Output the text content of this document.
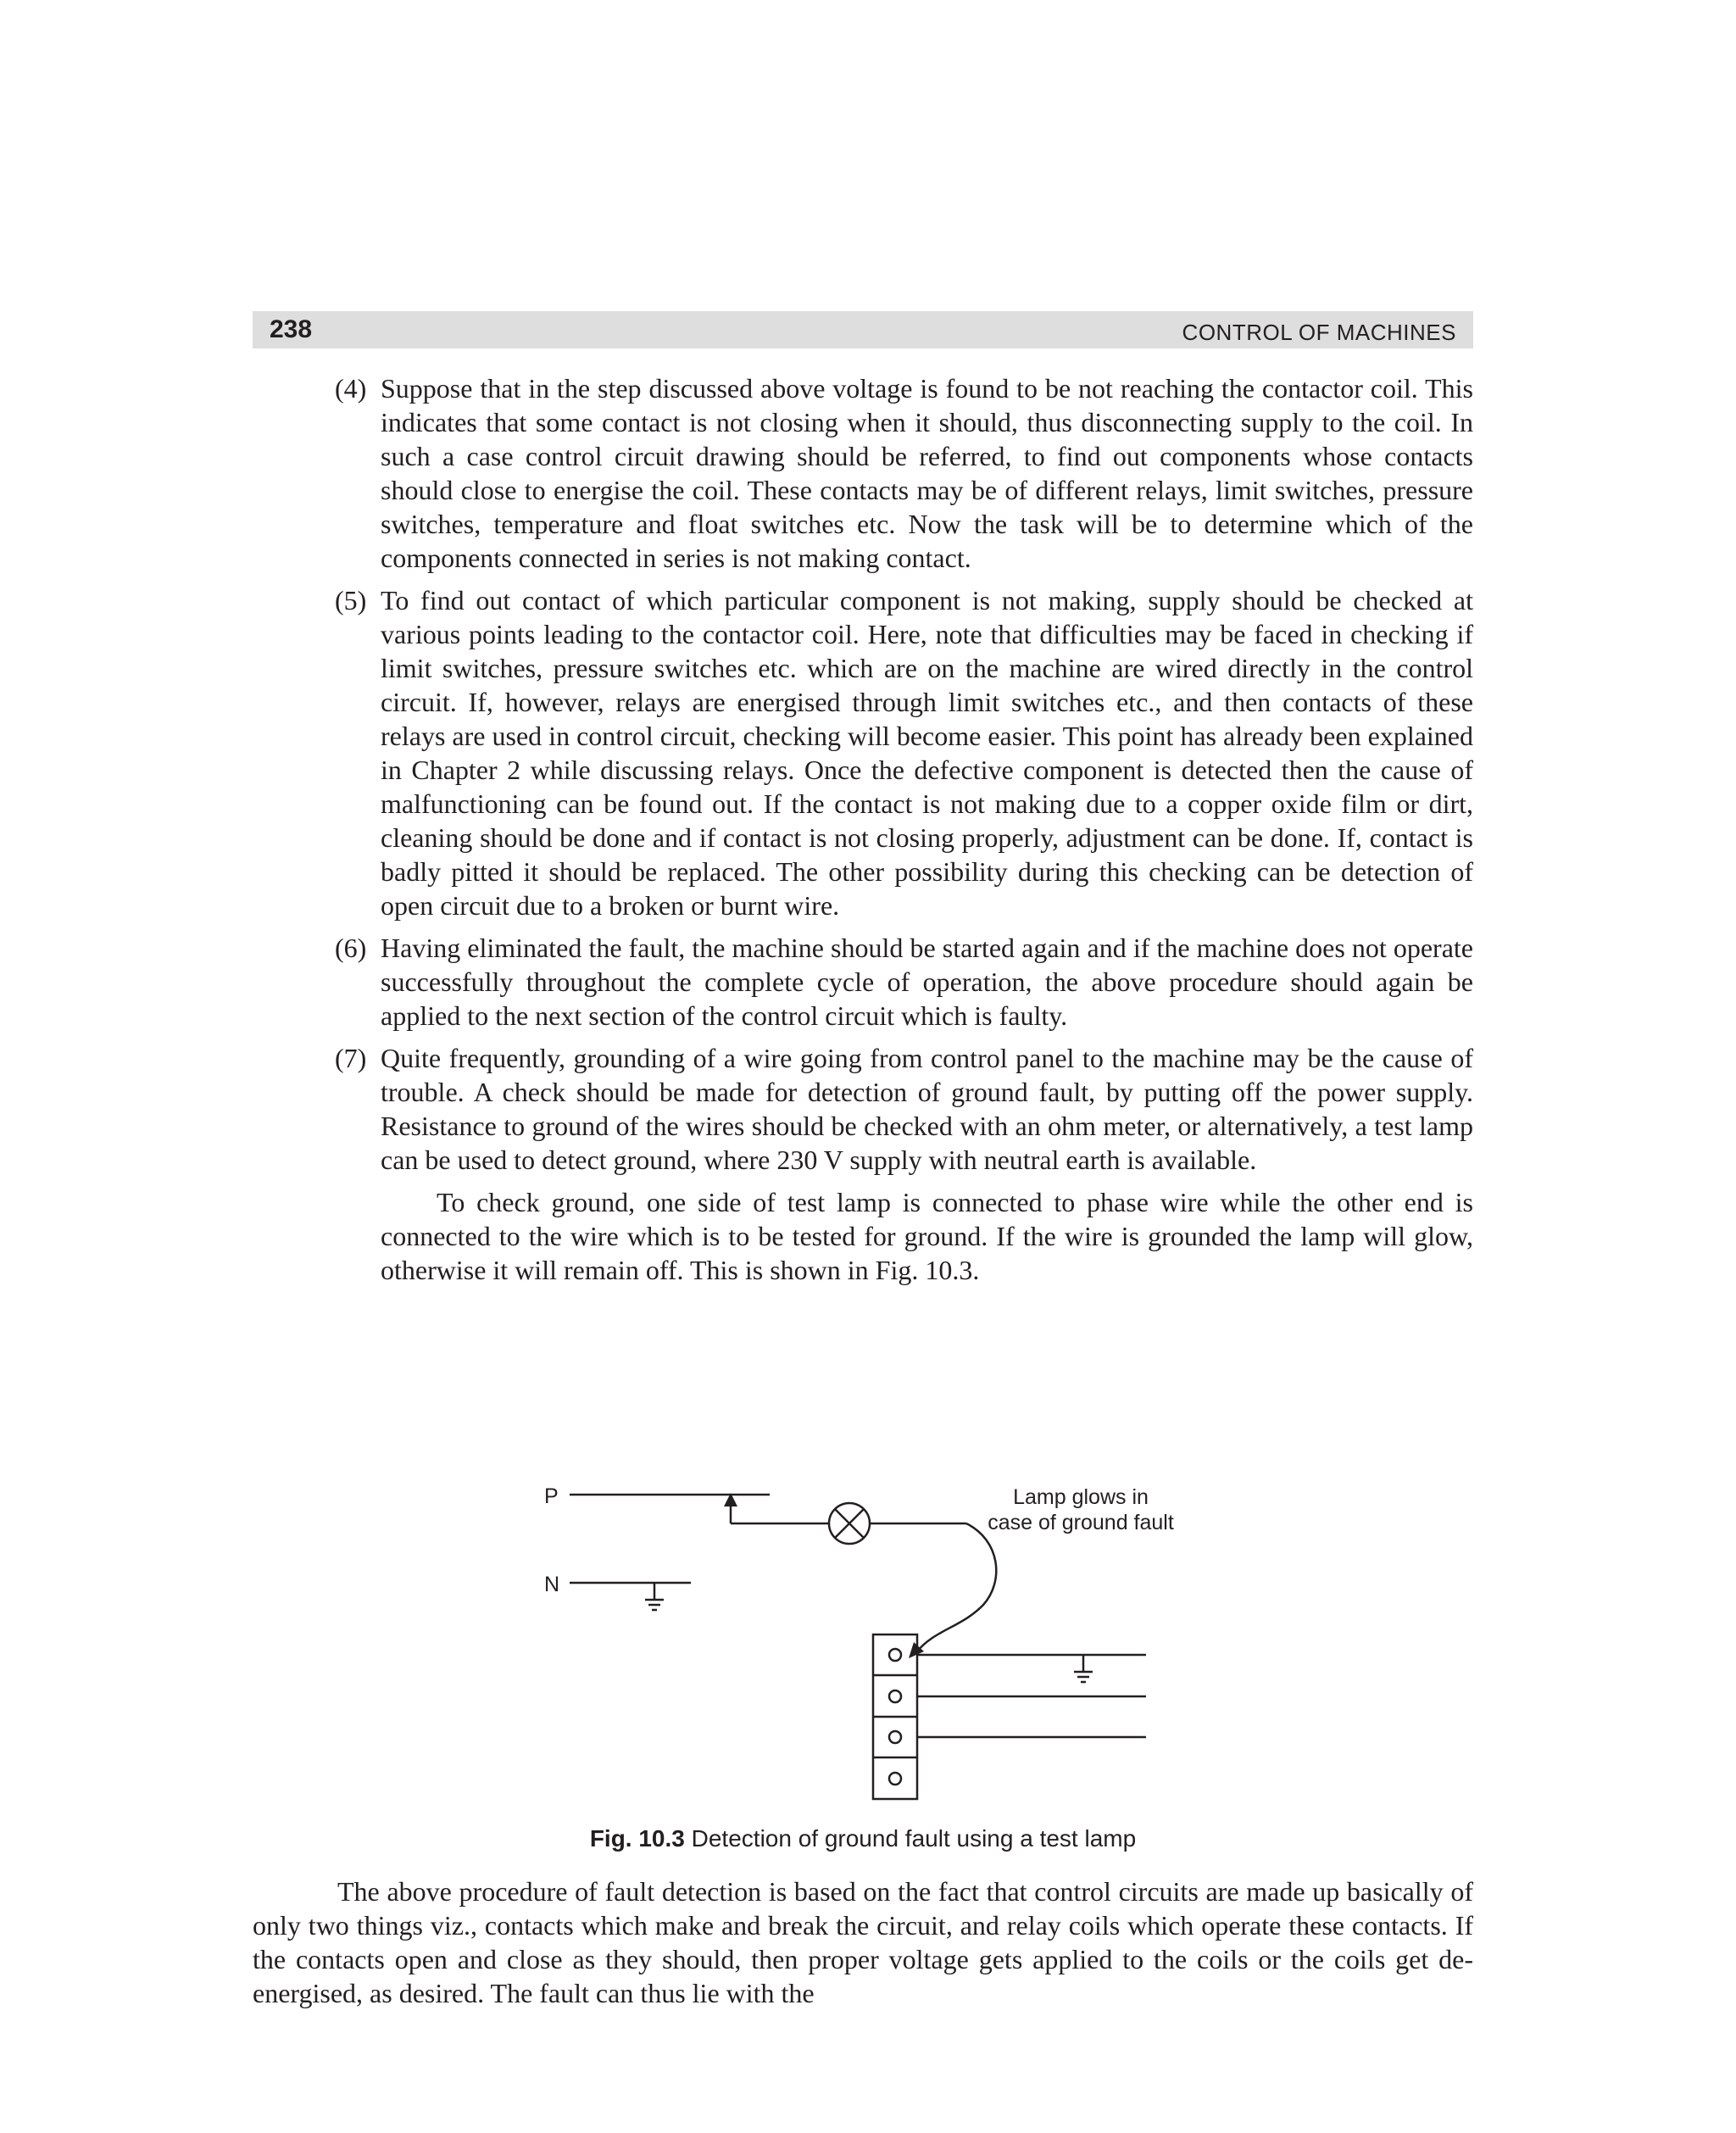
238	CONTROL OF MACHINES
(4) Suppose that in the step discussed above voltage is found to be not reaching the contactor coil. This indicates that some contact is not closing when it should, thus disconnecting supply to the coil. In such a case control circuit drawing should be referred, to find out components whose contacts should close to energise the coil. These contacts may be of different relays, limit switches, pressure switches, temperature and float switches etc. Now the task will be to determine which of the components connected in series is not making contact.
(5) To find out contact of which particular component is not making, supply should be checked at various points leading to the contactor coil. Here, note that difficulties may be faced in checking if limit switches, pressure switches etc. which are on the machine are wired directly in the control circuit. If, however, relays are energised through limit switches etc., and then contacts of these relays are used in control circuit, checking will become easier. This point has already been explained in Chapter 2 while discussing relays. Once the defective component is detected then the cause of malfunctioning can be found out. If the contact is not making due to a copper oxide film or dirt, cleaning should be done and if contact is not closing properly, adjustment can be done. If, contact is badly pitted it should be replaced. The other possibility during this checking can be detection of open circuit due to a broken or burnt wire.
(6) Having eliminated the fault, the machine should be started again and if the machine does not operate successfully throughout the complete cycle of operation, the above procedure should again be applied to the next section of the control circuit which is faulty.
(7) Quite frequently, grounding of a wire going from control panel to the machine may be the cause of trouble. A check should be made for detection of ground fault, by putting off the power supply. Resistance to ground of the wires should be checked with an ohm meter, or alternatively, a test lamp can be used to detect ground, where 230 V supply with neutral earth is available.
To check ground, one side of test lamp is connected to phase wire while the other end is connected to the wire which is to be tested for ground. If the wire is grounded the lamp will glow, otherwise it will remain off. This is shown in Fig. 10.3.
P
N
Lamp glows in
case of ground fault
Fig. 10.3 Detection of ground fault using a test lamp
The above procedure of fault detection is based on the fact that control circuits are made up basically of only two things viz., contacts which make and break the circuit, and relay coils which operate these contacts. If the contacts open and close as they should, then proper voltage gets applied to the coils or the coils get de-energised, as desired. The fault can thus lie with the
